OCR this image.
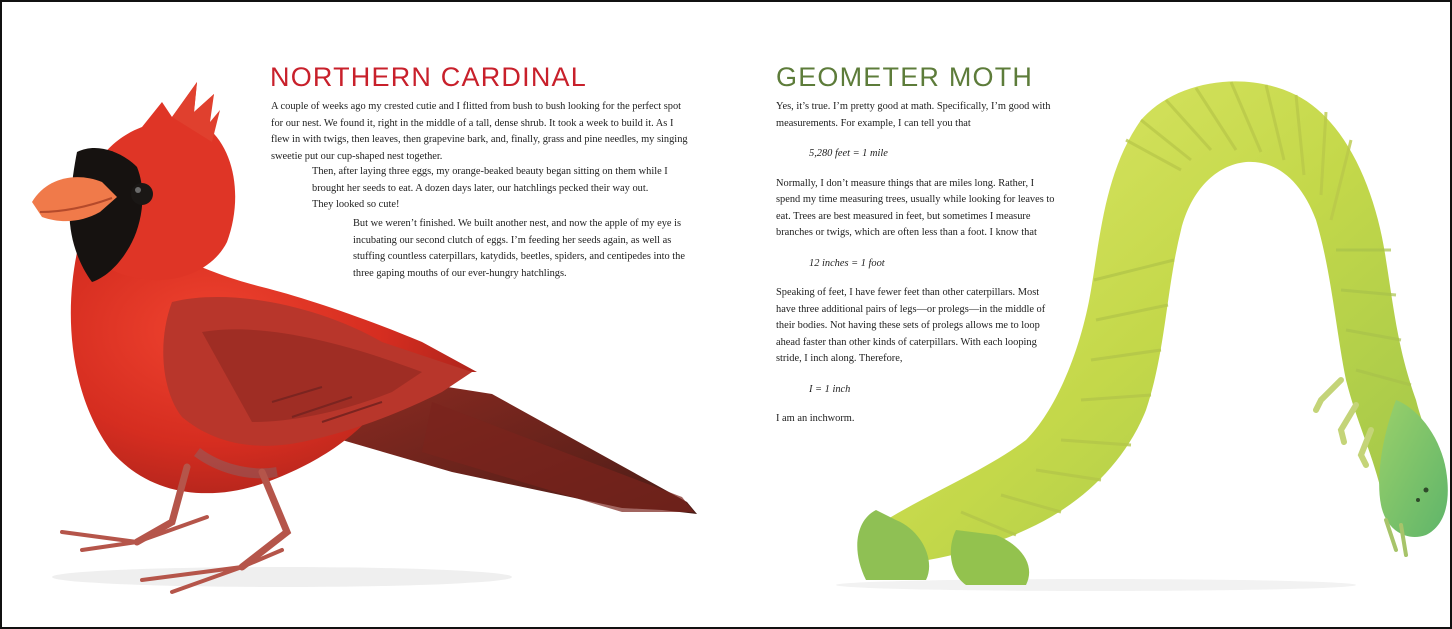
NORTHERN CARDINAL

A couple of weeks ago my crested cutie and I flitted from bush to bush looking for the perfect spot for our nest. We found it, right in the middle of a tall, dense shrub. It took a week to build it. As I flew in with twigs, then leaves, then grapevine bark, and, finally, grass and pine needles, my singing sweetie put our cup-shaped nest together.

Then, after laying three eggs, my orange-beaked beauty began sitting on them while I brought her seeds to eat. A dozen days later, our hatchlings pecked their way out. They looked so cute!

But we weren’t finished. We built another nest, and now the apple of my eye is incubating our second clutch of eggs. I’m feeding her seeds again, as well as stuffing countless caterpillars, katydids, beetles, spiders, and centipedes into the three gaping mouths of our ever-hungry hatchlings.

GEOMETER MOTH

Yes, it’s true. I’m pretty good at math. Specifically, I’m good with measurements. For example, I can tell you that

5,280 feet = 1 mile

Normally, I don’t measure things that are miles long. Rather, I spend my time measuring trees, usually while looking for leaves to eat. Trees are best measured in feet, but sometimes I measure branches or twigs, which are often less than a foot. I know that

12 inches = 1 foot

Speaking of feet, I have fewer feet than other caterpillars. Most have three additional pairs of legs—or prolegs—in the middle of their bodies. Not having these sets of prolegs allows me to loop ahead faster than other kinds of caterpillars. With each looping stride, I inch along. Therefore,

I = 1 inch

I am an inchworm.
